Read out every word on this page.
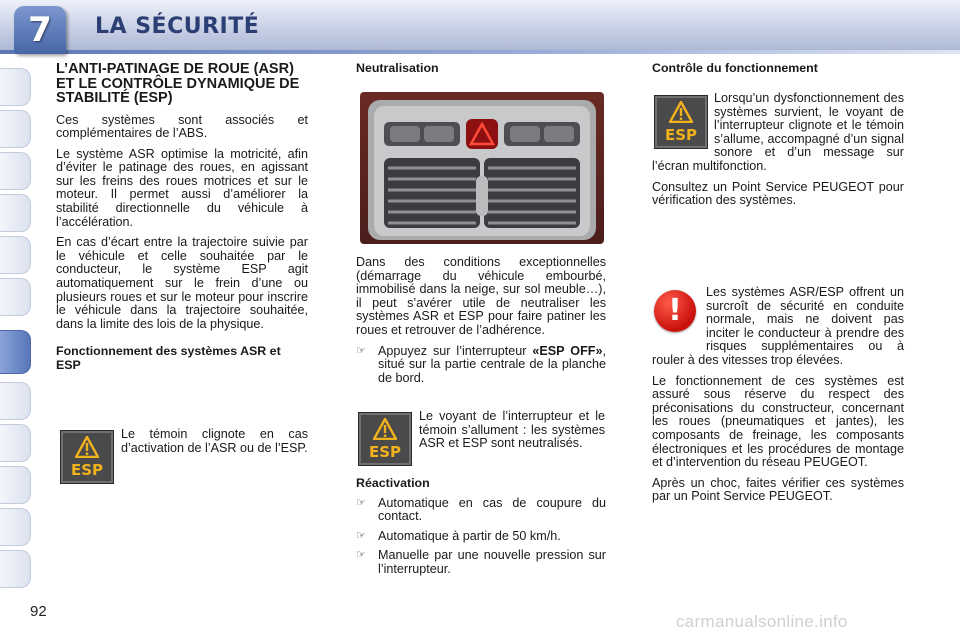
7 LA SÉCURITÉ
L’ANTI-PATINAGE DE ROUE (ASR) ET LE CONTRÔLE DYNAMIQUE DE STABILITÉ (ESP)

Ces systèmes sont associés et complémentaires de l’ABS.

Le système ASR optimise la motricité, afin d’éviter le patinage des roues, en agissant sur les freins des roues motrices et sur le moteur. Il permet aussi d’améliorer la stabilité directionnelle du véhicule à l’accélération.

En cas d’écart entre la trajectoire suivie par le véhicule et celle souhaitée par le conducteur, le système ESP agit automatiquement sur le frein d’une ou plusieurs roues et sur le moteur pour inscrire le véhicule dans la trajectoire souhaitée, dans la limite des lois de la physique.

Fonctionnement des systèmes ASR et ESP
ESP
Le témoin clignote en cas d’activation de l’ASR ou de l’ESP.
Neutralisation

Dans des conditions exceptionnelles (démarrage du véhicule embourbé, immobilisé dans la neige, sur sol meuble…), il peut s’avérer utile de neutraliser les systèmes ASR et ESP pour faire patiner les roues et retrouver de l’adhérence.

☞ Appuyez sur l’interrupteur «ESP OFF», situé sur la partie centrale de la planche de bord.
ESP
Le voyant de l’interrupteur et le témoin s’allument : les systèmes ASR et ESP sont neutralisés.
Réactivation
☞ Automatique en cas de coupure du contact.
☞ Automatique à partir de 50 km/h.
☞ Manuelle par une nouvelle pression sur l’interrupteur.
Contrôle du fonctionnement
ESP
Lorsqu’un dysfonctionnement des systèmes survient, le voyant de l’interrupteur clignote et le témoin s’allume, accompagné d’un signal sonore et d’un message sur l’écran multifonction.

Consultez un Point Service PEUGEOT pour vérification des systèmes.

!
Les systèmes ASR/ESP offrent un surcroît de sécurité en conduite normale, mais ne doivent pas inciter le conducteur à prendre des risques supplémentaires ou à rouler à des vitesses trop élevées.

Le fonctionnement de ces systèmes est assuré sous réserve du respect des préconisations du constructeur, concernant les roues (pneumatiques et jantes), les composants de freinage, les composants électroniques et les procédures de montage et d’intervention du réseau PEUGEOT.

Après un choc, faites vérifier ces systèmes par un Point Service PEUGEOT.

92
carmanualsonline.info
